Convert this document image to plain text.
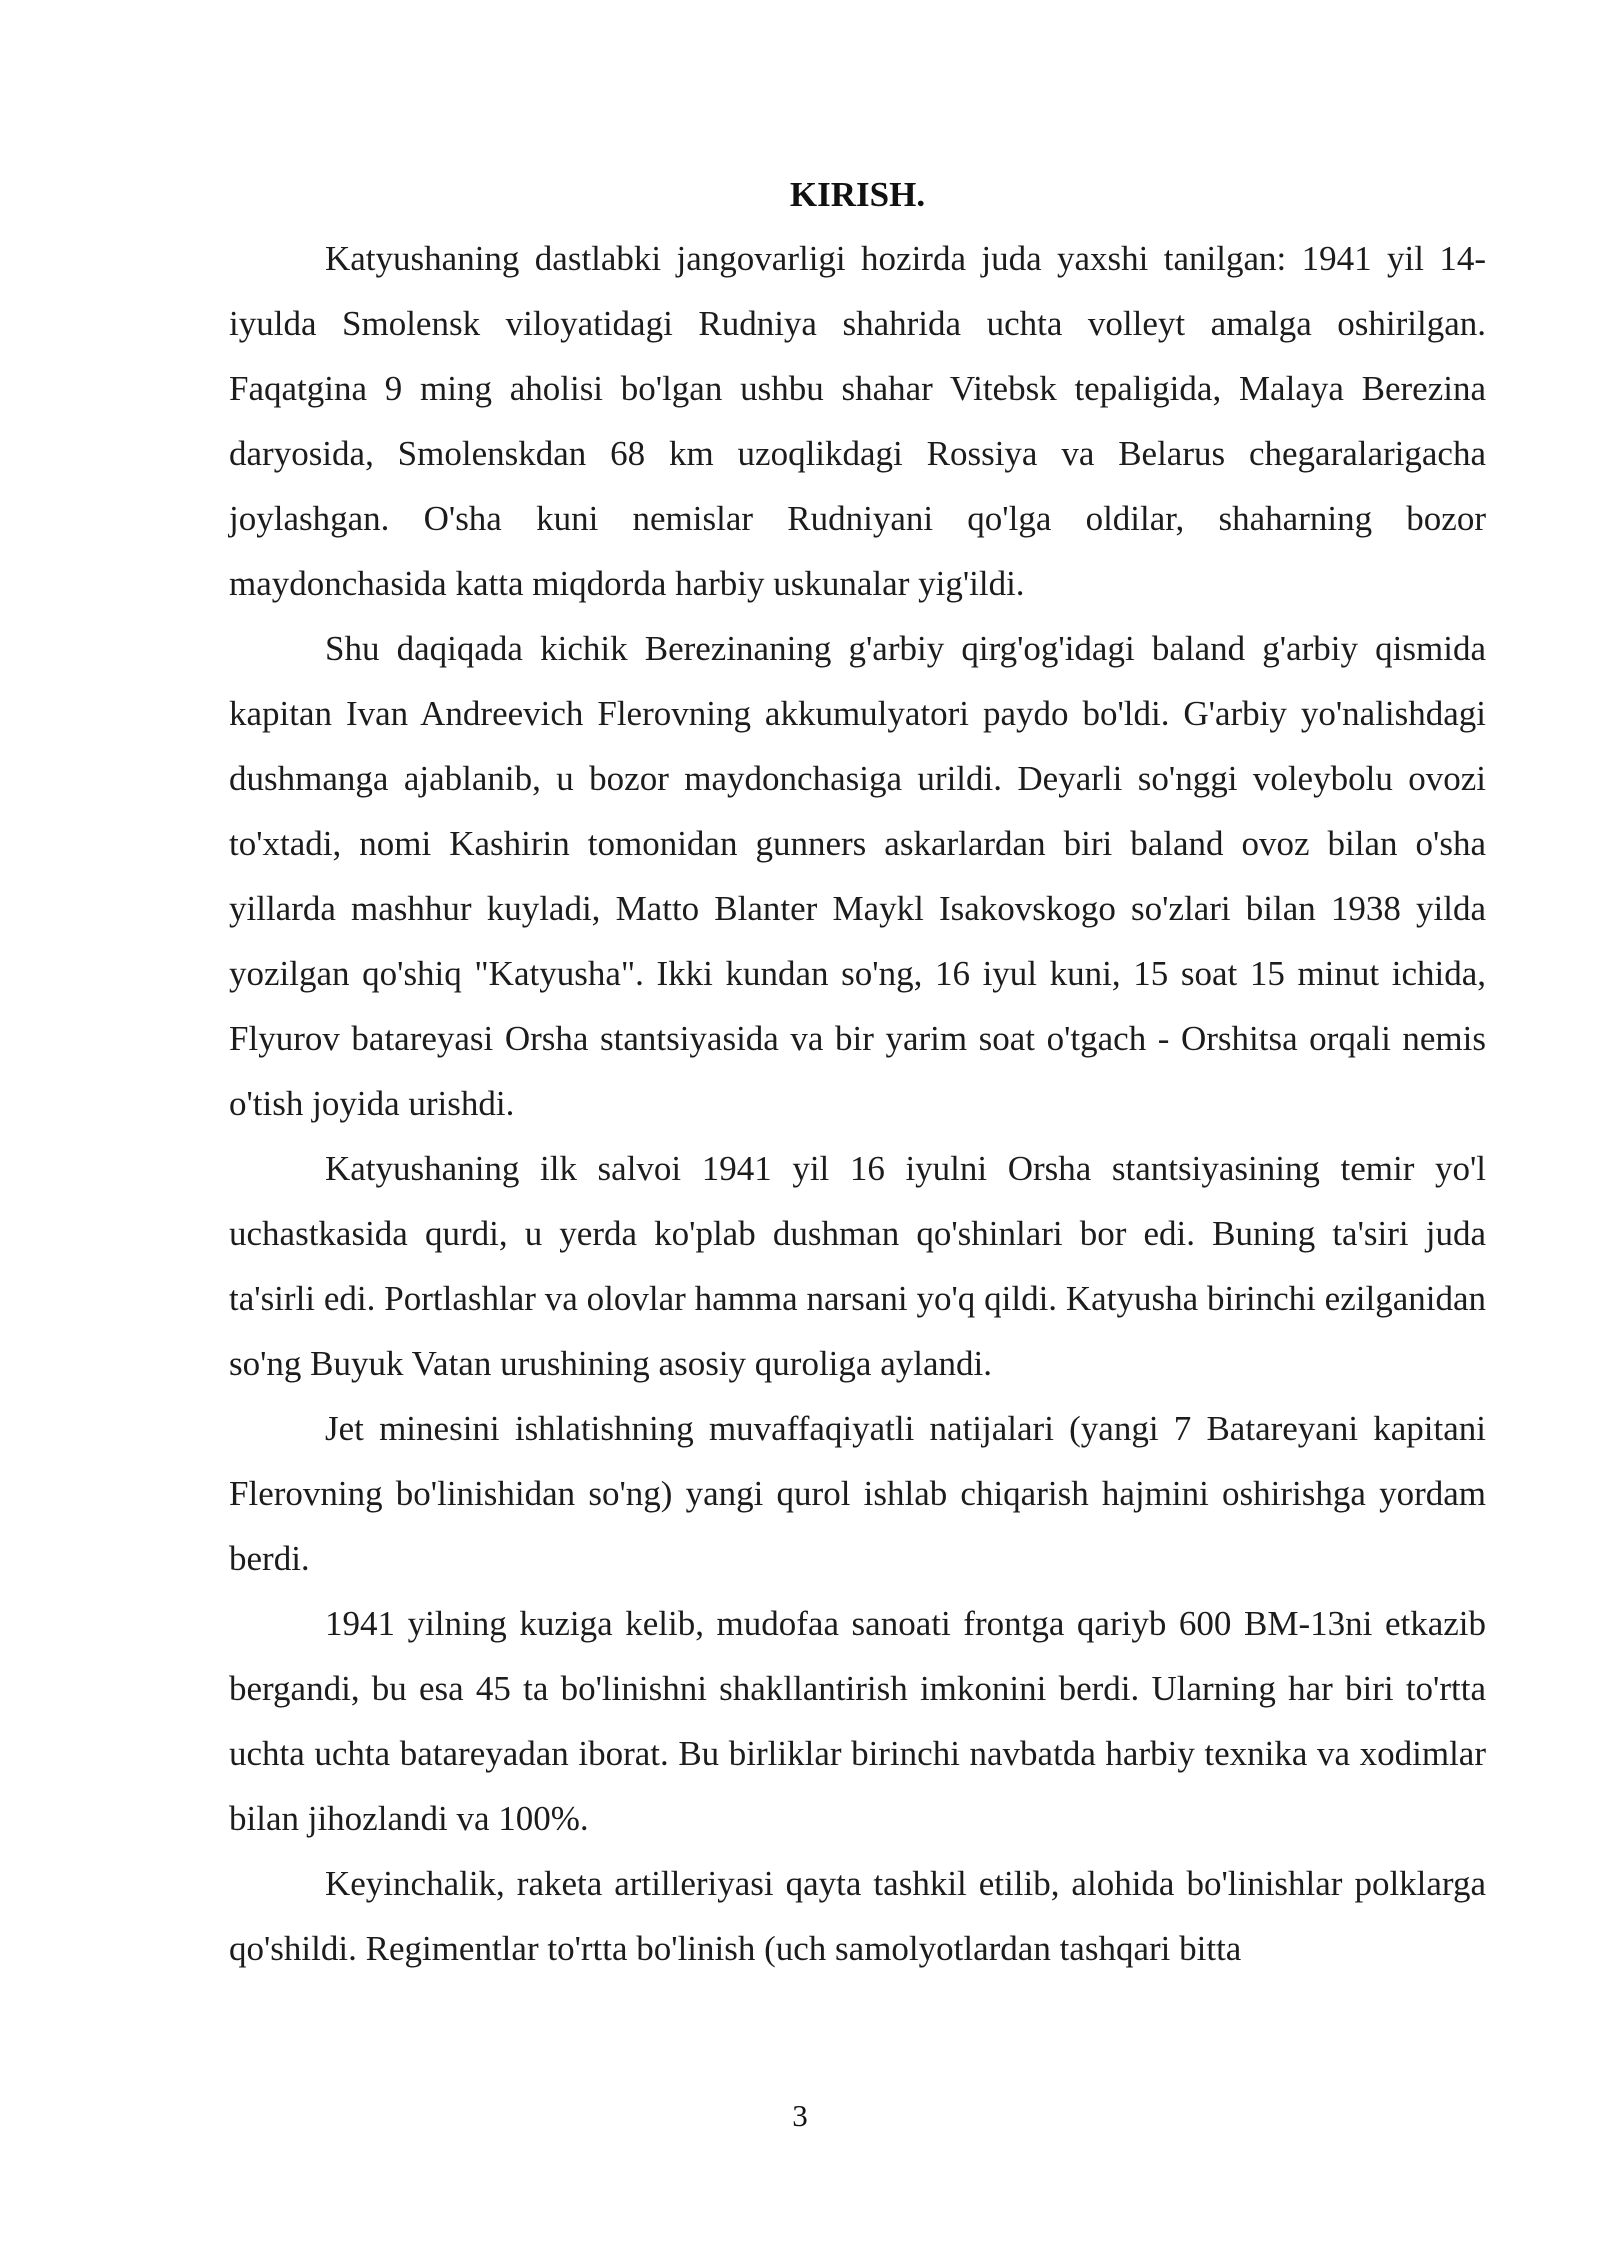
KIRISH.

Katyushaning dastlabki jangovarligi hozirda juda yaxshi tanilgan: 1941 yil 14-iyulda Smolensk viloyatidagi Rudniya shahrida uchta volleyt amalga oshirilgan. Faqatgina 9 ming aholisi bo'lgan ushbu shahar Vitebsk tepaligida, Malaya Berezina daryosida, Smolenskdan 68 km uzoqlikdagi Rossiya va Belarus chegaralarigacha joylashgan. O'sha kuni nemislar Rudniyani qo'lga oldilar, shaharning bozor maydonchasida katta miqdorda harbiy uskunalar yig'ildi.

Shu daqiqada kichik Berezinaning g'arbiy qirg'og'idagi baland g'arbiy qismida kapitan Ivan Andreevich Flerovning akkumulyatori paydo bo'ldi. G'arbiy yo'nalishdagi dushmanga ajablanib, u bozor maydonchasiga urildi. Deyarli so'nggi voleybolu ovozi to'xtadi, nomi Kashirin tomonidan gunners askarlardan biri baland ovoz bilan o'sha yillarda mashhur kuyladi, Matto Blanter Maykl Isakovskogo so'zlari bilan 1938 yilda yozilgan qo'shiq "Katyusha". Ikki kundan so'ng, 16 iyul kuni, 15 soat 15 minut ichida, Flyurov batareyasi Orsha stantsiyasida va bir yarim soat o'tgach - Orshitsa orqali nemis o'tish joyida urishdi.

Katyushaning ilk salvoi 1941 yil 16 iyulni Orsha stantsiyasining temir yo'l uchastkasida qurdi, u yerda ko'plab dushman qo'shinlari bor edi. Buning ta'siri juda ta'sirli edi. Portlashlar va olovlar hamma narsani yo'q qildi. Katyusha birinchi ezilganidan so'ng Buyuk Vatan urushining asosiy quroliga aylandi.

Jet minesini ishlatishning muvaffaqiyatli natijalari (yangi 7 Batareyani kapitani Flerovning bo'linishidan so'ng) yangi qurol ishlab chiqarish hajmini oshirishga yordam berdi.

1941 yilning kuziga kelib, mudofaa sanoati frontga qariyb 600 BM-13ni etkazib bergandi, bu esa 45 ta bo'linishni shakllantirish imkonini berdi. Ularning har biri to'rtta uchta uchta batareyadan iborat. Bu birliklar birinchi navbatda harbiy texnika va xodimlar bilan jihozlandi va 100%.

Keyinchalik, raketa artilleriyasi qayta tashkil etilib, alohida bo'linishlar polklarga qo'shildi. Regimentlar to'rtta bo'linish (uch samolyotlardan tashqari bitta

3
